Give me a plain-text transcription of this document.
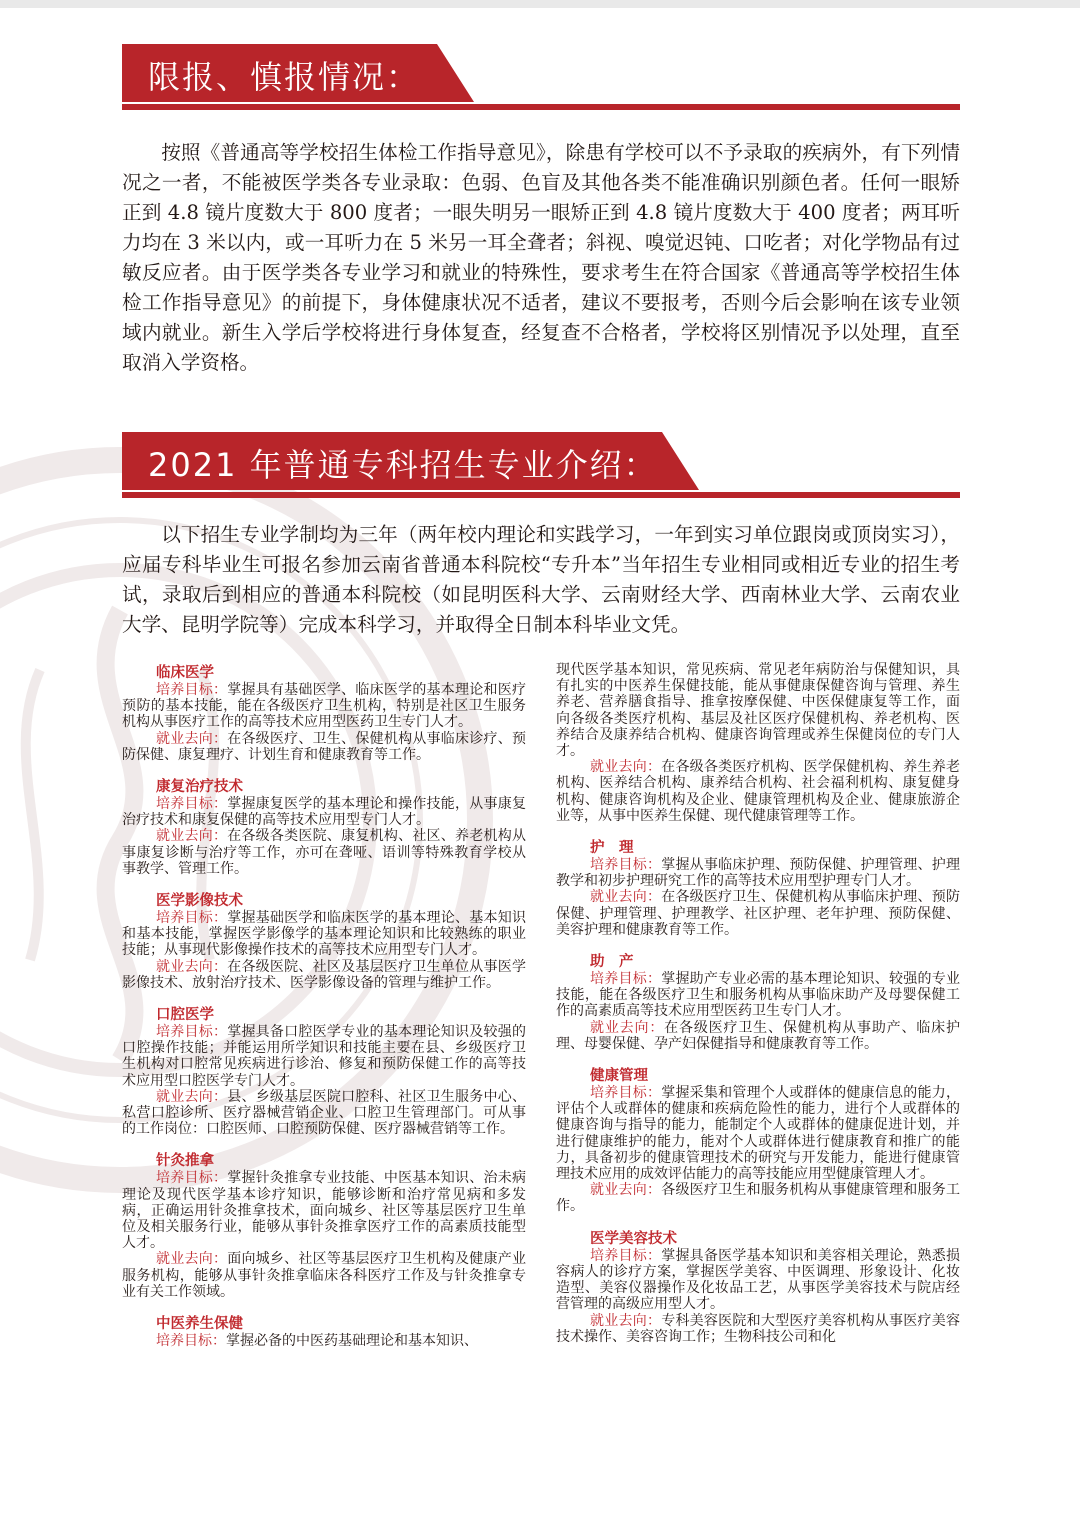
限报、慎报情况：

按照《普通高等学校招生体检工作指导意见》，除患有学校可以不予录取的疾病外，有下列情况之一者，不能被医学类各专业录取：色弱、色盲及其他各类不能准确识别颜色者。任何一眼矫正到 4.8 镜片度数大于 800 度者；一眼失明另一眼矫正到 4.8 镜片度数大于 400 度者；两耳听力均在 3 米以内，或一耳听力在 5 米另一耳全聋者；斜视、嗅觉迟钝、口吃者；对化学物品有过敏反应者。由于医学类各专业学习和就业的特殊性，要求考生在符合国家《普通高等学校招生体检工作指导意见》的前提下，身体健康状况不适者，建议不要报考，否则今后会影响在该专业领域内就业。新生入学后学校将进行身体复查，经复查不合格者，学校将区别情况予以处理，直至取消入学资格。

2021 年普通专科招生专业介绍：

以下招生专业学制均为三年（两年校内理论和实践学习，一年到实习单位跟岗或顶岗实习），应届专科毕业生可报名参加云南省普通本科院校“专升本”当年招生专业相同或相近专业的招生考试，录取后到相应的普通本科院校（如昆明医科大学、云南财经大学、西南林业大学、云南农业大学、昆明学院等）完成本科学习，并取得全日制本科毕业文凭。

临床医学
培养目标：掌握具有基础医学、临床医学的基本理论和医疗预防的基本技能，能在各级医疗卫生机构，特别是社区卫生服务机构从事医疗工作的高等技术应用型医药卫生专门人才。
就业去向：在各级医疗、卫生、保健机构从事临床诊疗、预防保健、康复理疗、计划生育和健康教育等工作。
康复治疗技术
培养目标：掌握康复医学的基本理论和操作技能，从事康复治疗技术和康复保健的高等技术应用型专门人才。
就业去向：在各级各类医院、康复机构、社区、养老机构从事康复诊断与治疗等工作，亦可在聋哑、语训等特殊教育学校从事教学、管理工作。
医学影像技术
培养目标：掌握基础医学和临床医学的基本理论、基本知识和基本技能，掌握医学影像学的基本理论知识和比较熟练的职业技能；从事现代影像操作技术的高等技术应用型专门人才。
就业去向：在各级医院、社区及基层医疗卫生单位从事医学影像技术、放射治疗技术、医学影像设备的管理与维护工作。
口腔医学
培养目标：掌握具备口腔医学专业的基本理论知识及较强的口腔操作技能；并能运用所学知识和技能主要在县、乡级医疗卫生机构对口腔常见疾病进行诊治、修复和预防保健工作的高等技术应用型口腔医学专门人才。
就业去向：县、乡级基层医院口腔科、社区卫生服务中心、私营口腔诊所、医疗器械营销企业、口腔卫生管理部门。可从事的工作岗位：口腔医师、口腔预防保健、医疗器械营销等工作。
针灸推拿
培养目标：掌握针灸推拿专业技能、中医基本知识、治未病理论及现代医学基本诊疗知识，能够诊断和治疗常见病和多发病，正确运用针灸推拿技术，面向城乡、社区等基层医疗卫生单位及相关服务行业，能够从事针灸推拿医疗工作的高素质技能型人才。
就业去向：面向城乡、社区等基层医疗卫生机构及健康产业服务机构，能够从事针灸推拿临床各科医疗工作及与针灸推拿专业有关工作领域。
中医养生保健
培养目标：掌握必备的中医药基础理论和基本知识、
现代医学基本知识，常见疾病、常见老年病防治与保健知识，具有扎实的中医养生保健技能，能从事健康保健咨询与管理、养生养老、营养膳食指导、推拿按摩保健、中医保健康复等工作，面向各级各类医疗机构、基层及社区医疗保健机构、养老机构、医养结合及康养结合机构、健康咨询管理或养生保健岗位的专门人才。
就业去向：在各级各类医疗机构、医学保健机构、养生养老机构、医养结合机构、康养结合机构、社会福利机构、康复健身机构、健康咨询机构及企业、健康管理机构及企业、健康旅游企业等，从事中医养生保健、现代健康管理等工作。
护　理
培养目标：掌握从事临床护理、预防保健、护理管理、护理教学和初步护理研究工作的高等技术应用型护理专门人才。
就业去向：在各级医疗卫生、保健机构从事临床护理、预防保健、护理管理、护理教学、社区护理、老年护理、预防保健、美容护理和健康教育等工作。
助　产
培养目标：掌握助产专业必需的基本理论知识、较强的专业技能，能在各级医疗卫生和服务机构从事临床助产及母婴保健工作的高素质高等技术应用型医药卫生专门人才。
就业去向：在各级医疗卫生、保健机构从事助产、临床护理、母婴保健、孕产妇保健指导和健康教育等工作。
健康管理
培养目标：掌握采集和管理个人或群体的健康信息的能力，评估个人或群体的健康和疾病危险性的能力，进行个人或群体的健康咨询与指导的能力，能制定个人或群体的健康促进计划，并进行健康维护的能力，能对个人或群体进行健康教育和推广的能力，具备初步的健康管理技术的研究与开发能力，能进行健康管理技术应用的成效评估能力的高等技能应用型健康管理人才。
就业去向：各级医疗卫生和服务机构从事健康管理和服务工作。
医学美容技术
培养目标：掌握具备医学基本知识和美容相关理论，熟悉损容病人的诊疗方案，掌握医学美容、中医调理、形象设计、化妆造型、美容仪器操作及化妆品工艺，从事医学美容技术与院店经营管理的高级应用型人才。
就业去向：专科美容医院和大型医疗美容机构从事医疗美容技术操作、美容咨询工作；生物科技公司和化
